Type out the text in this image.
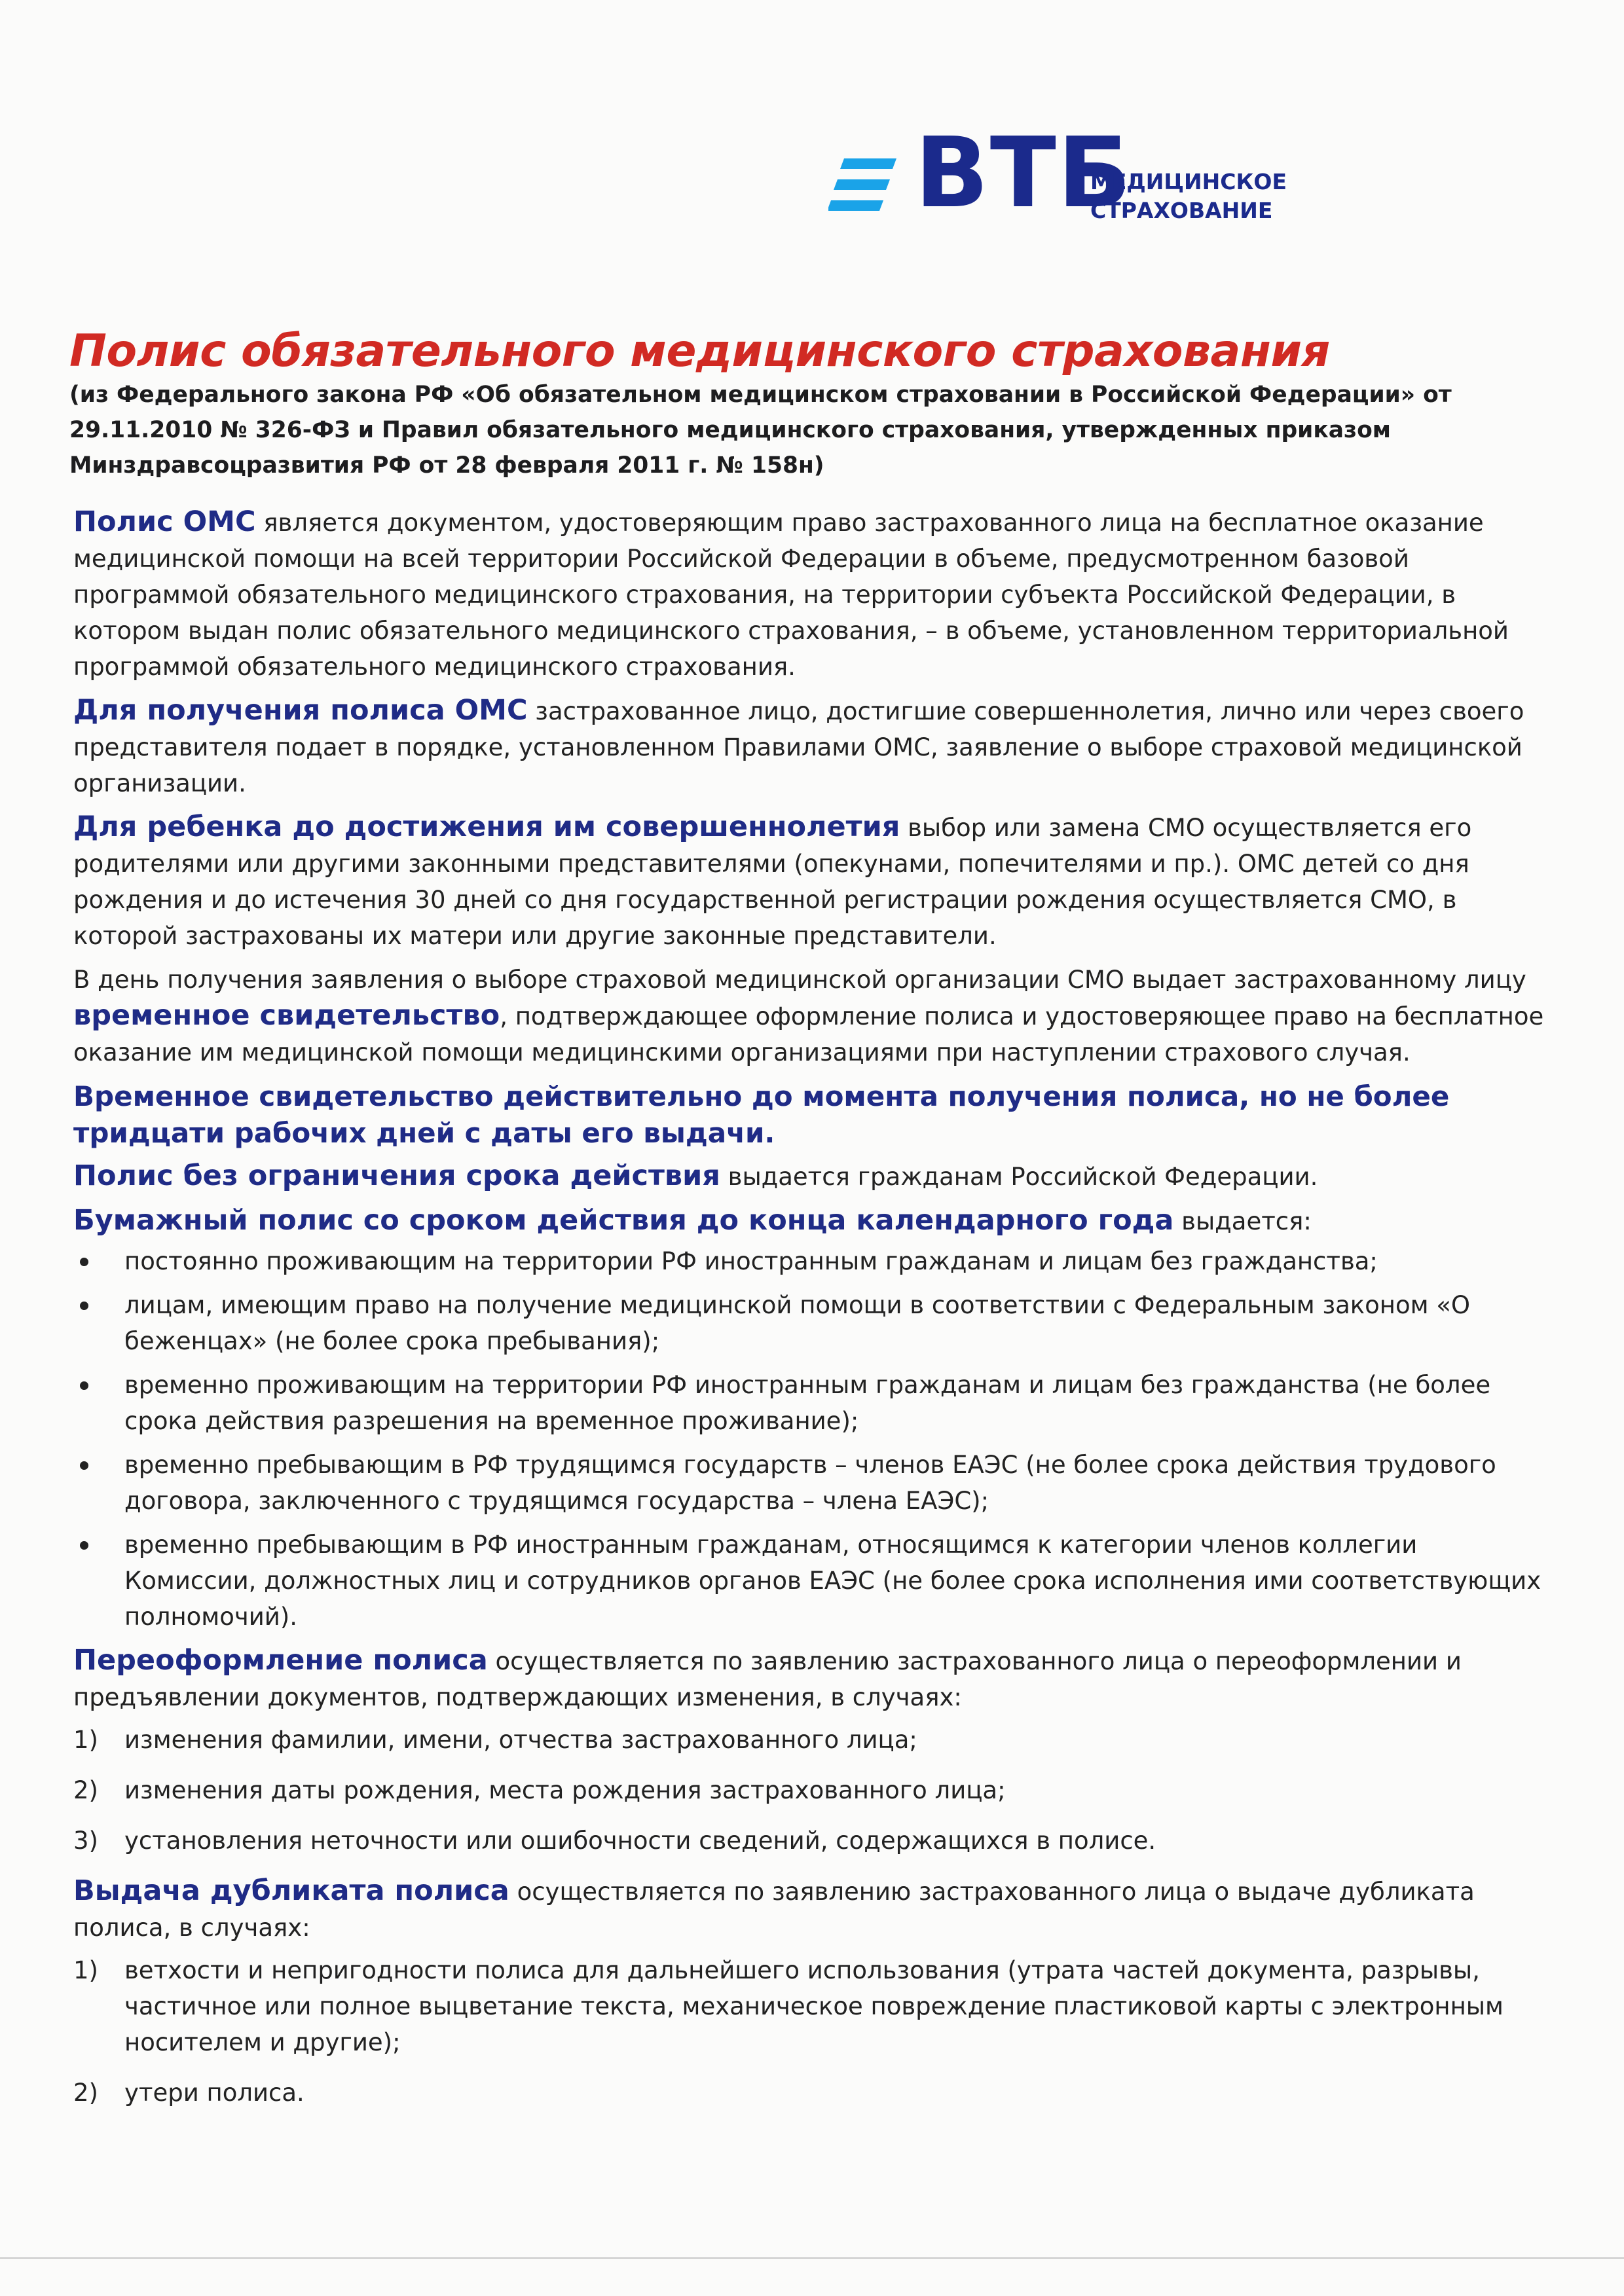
ВТБ
МЕДИЦИНСКОЕ
СТРАХОВАНИЕ
Полис обязательного медицинского страхования
(из Федерального закона РФ «Об обязательном медицинском страховании в Российской Федерации» от 29.11.2010 № 326-ФЗ и Правил обязательного медицинского страхования, утвержденных приказом Минздравсоцразвития РФ от 28 февраля 2011 г. № 158н)

Полис ОМС является документом, удостоверяющим право застрахованного лица на бесплатное оказание медицинской помощи на всей территории Российской Федерации в объеме, предусмотренном базовой программой обязательного медицинского страхования, на территории субъекта Российской Федерации, в котором выдан полис обязательного медицинского страхования, – в объеме, установленном территориальной программой обязательного медицинского страхования.

Для получения полиса ОМС застрахованное лицо, достигшие совершеннолетия, лично или через своего представителя подает в порядке, установленном Правилами ОМС, заявление о выборе страховой медицинской организации.

Для ребенка до достижения им совершеннолетия выбор или замена СМО осуществляется его родителями или другими законными представителями (опекунами, попечителями и пр.). ОМС детей со дня рождения и до истечения 30 дней со дня государственной регистрации рождения осуществляется СМО, в которой застрахованы их матери или другие законные представители.

В день получения заявления о выборе страховой медицинской организации СМО выдает застрахованному лицу временное свидетельство, подтверждающее оформление полиса и удостоверяющее право на бесплатное оказание им медицинской помощи медицинскими организациями при наступлении страхового случая.

Временное свидетельство действительно до момента получения полиса, но не более тридцати рабочих дней с даты его выдачи.

Полис без ограничения срока действия выдается гражданам Российской Федерации.

Бумажный полис со сроком действия до конца календарного года выдается:

постоянно проживающим на территории РФ иностранным гражданам и лицам без гражданства;
лицам, имеющим право на получение медицинской помощи в соответствии с Федеральным законом «О беженцах» (не более срока пребывания);
временно проживающим на территории РФ иностранным гражданам и лицам без гражданства (не более срока действия разрешения на временное проживание);
временно пребывающим в РФ трудящимся государств – членов ЕАЭС (не более срока действия трудового договора, заключенного с трудящимся государства – члена ЕАЭС);
временно пребывающим в РФ иностранным гражданам, относящимся к категории членов коллегии Комиссии, должностных лиц и сотрудников органов ЕАЭС (не более срока исполнения ими соответствующих полномочий).

Переоформление полиса осуществляется по заявлению застрахованного лица о переоформлении и предъявлении документов, подтверждающих изменения, в случаях:

1) изменения фамилии, имени, отчества застрахованного лица;
2) изменения даты рождения, места рождения застрахованного лица;
3) установления неточности или ошибочности сведений, содержащихся в полисе.

Выдача дубликата полиса осуществляется по заявлению застрахованного лица о выдаче дубликата полиса, в случаях:

1) ветхости и непригодности полиса для дальнейшего использования (утрата частей документа, разрывы, частичное или полное выцветание текста, механическое повреждение пластиковой карты с электронным носителем и другие);
2) утери полиса.
